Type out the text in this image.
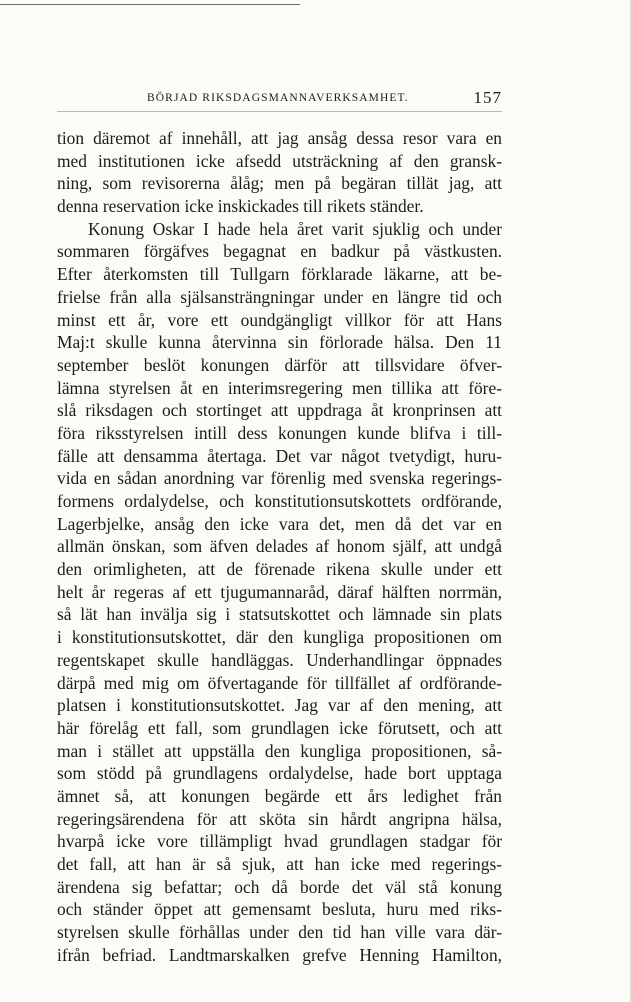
BÖRJAD RIKSDAGSMANNAVERKSAMHET.	157
tion däremot af innehåll, att jag ansåg dessa resor vara en
med institutionen icke afsedd utsträckning af den gransk-
ning, som revisorerna ålåg; men på begäran tillät jag, att
denna reservation icke inskickades till rikets ständer.
Konung Oskar I hade hela året varit sjuklig och under
sommaren förgäfves begagnat en badkur på västkusten.
Efter återkomsten till Tullgarn förklarade läkarne, att be-
frielse från alla själsansträngningar under en längre tid och
minst ett år, vore ett oundgängligt villkor för att Hans
Maj:t skulle kunna återvinna sin förlorade hälsa. Den 11
september beslöt konungen därför att tillsvidare öfver-
lämna styrelsen åt en interimsregering men tillika att före-
slå riksdagen och stortinget att uppdraga åt kronprinsen att
föra riksstyrelsen intill dess konungen kunde blifva i till-
fälle att densamma återtaga. Det var något tvetydigt, huru-
vida en sådan anordning var förenlig med svenska regerings-
formens ordalydelse, och konstitutionsutskottets ordförande,
Lagerbjelke, ansåg den icke vara det, men då det var en
allmän önskan, som äfven delades af honom själf, att undgå
den orimligheten, att de förenade rikena skulle under ett
helt år regeras af ett tjugumannaråd, däraf hälften norrmän,
så lät han invälja sig i statsutskottet och lämnade sin plats
i konstitutionsutskottet, där den kungliga propositionen om
regentskapet skulle handläggas. Underhandlingar öppnades
därpå med mig om öfvertagande för tillfället af ordförande-
platsen i konstitutionsutskottet. Jag var af den mening, att
här förelåg ett fall, som grundlagen icke förutsett, och att
man i stället att uppställa den kungliga propositionen, så-
som stödd på grundlagens ordalydelse, hade bort upptaga
ämnet så, att konungen begärde ett års ledighet från
regeringsärendena för att sköta sin hårdt angripna hälsa,
hvarpå icke vore tillämpligt hvad grundlagen stadgar för
det fall, att han är så sjuk, att han icke med regerings-
ärendena sig befattar; och då borde det väl stå konung
och ständer öppet att gemensamt besluta, huru med riks-
styrelsen skulle förhållas under den tid han ville vara där-
ifrån befriad. Landtmarskalken grefve Henning Hamilton,
